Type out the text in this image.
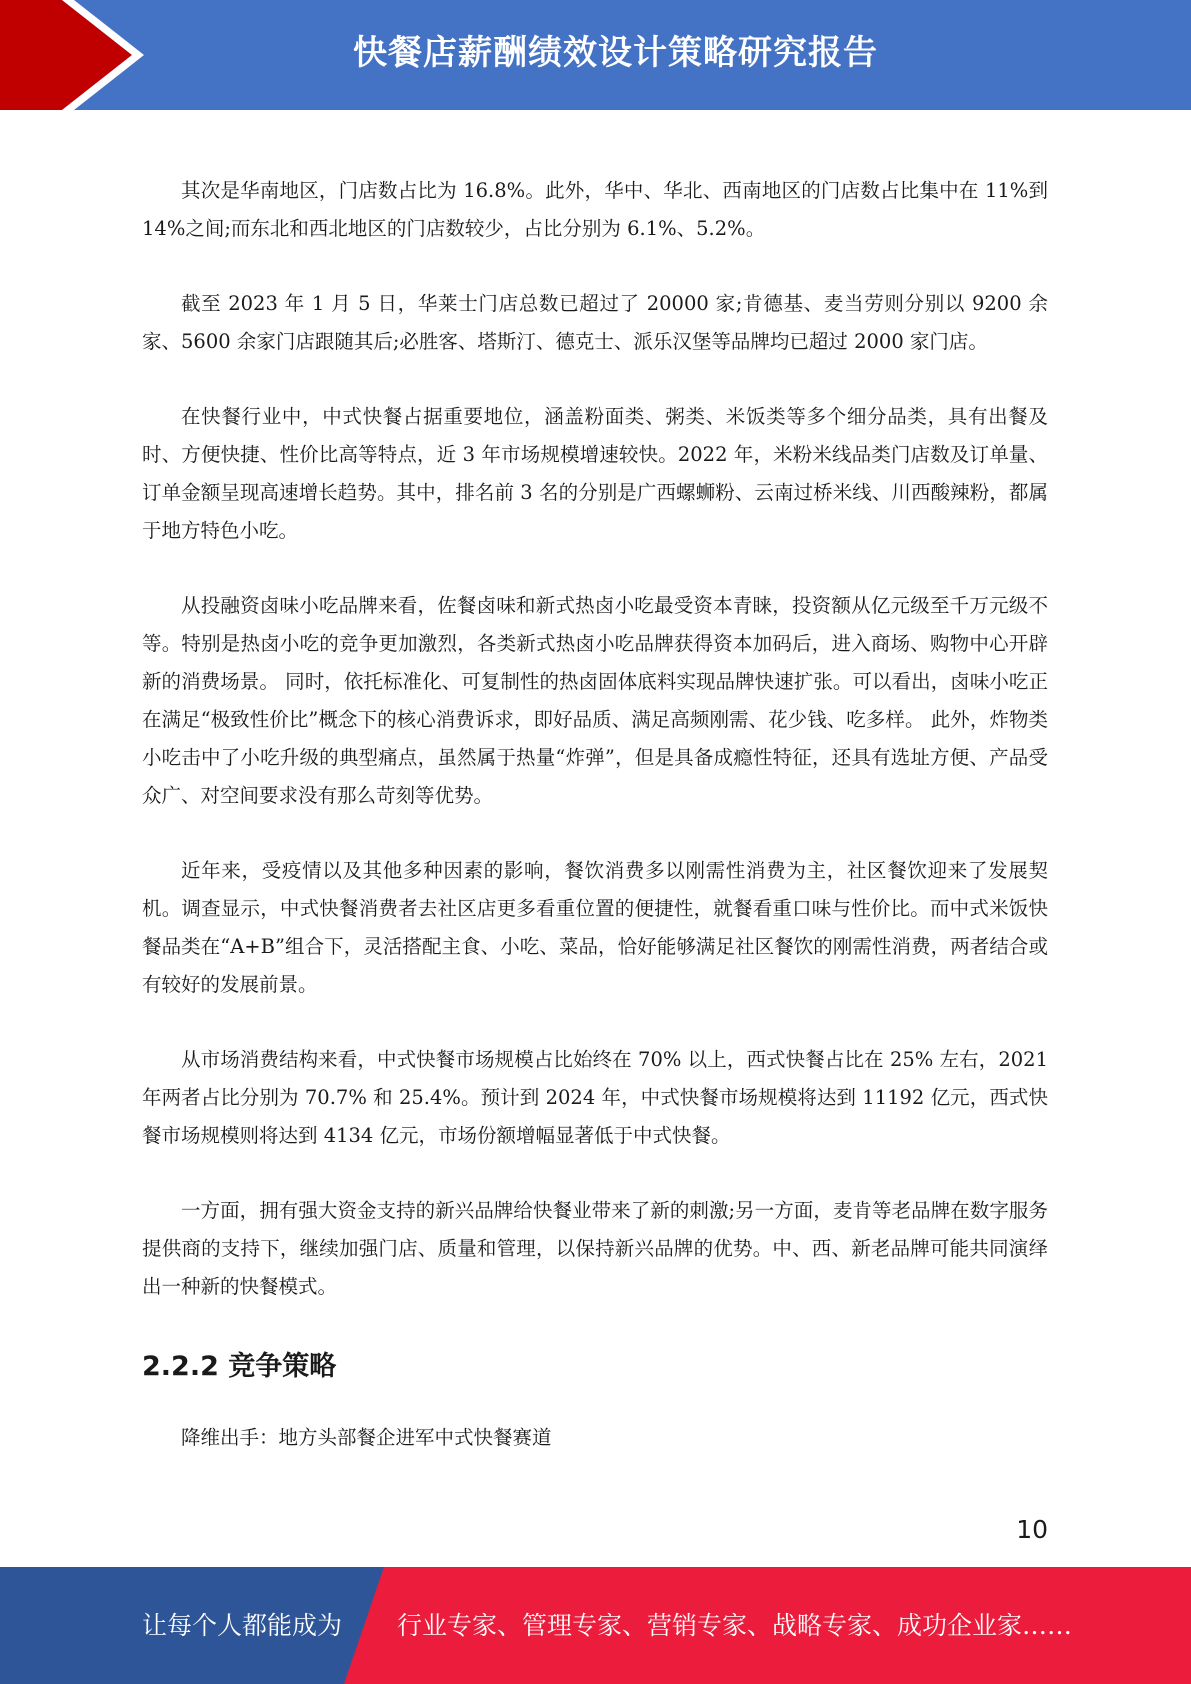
快餐店薪酬绩效设计策略研究报告

其次是华南地区，门店数占比为 16.8%。此外，华中、华北、西南地区的门店数占比集中在 11%到 14%之间;而东北和西北地区的门店数较少，占比分别为 6.1%、5.2%。

截至 2023 年 1 月 5 日，华莱士门店总数已超过了 20000 家;肯德基、麦当劳则分别以 9200 余家、5600 余家门店跟随其后;必胜客、塔斯汀、德克士、派乐汉堡等品牌均已超过 2000 家门店。

在快餐行业中，中式快餐占据重要地位，涵盖粉面类、粥类、米饭类等多个细分品类，具有出餐及时、方便快捷、性价比高等特点，近 3 年市场规模增速较快。2022 年，米粉米线品类门店数及订单量、订单金额呈现高速增长趋势。其中，排名前 3 名的分别是广西螺蛳粉、云南过桥米线、川西酸辣粉，都属于地方特色小吃。

从投融资卤味小吃品牌来看，佐餐卤味和新式热卤小吃最受资本青睐，投资额从亿元级至千万元级不等。特别是热卤小吃的竞争更加激烈，各类新式热卤小吃品牌获得资本加码后，进入商场、购物中心开辟新的消费场景。 同时，依托标准化、可复制性的热卤固体底料实现品牌快速扩张。可以看出，卤味小吃正在满足“极致性价比”概念下的核心消费诉求，即好品质、满足高频刚需、花少钱、吃多样。 此外，炸物类小吃击中了小吃升级的典型痛点，虽然属于热量“炸弹”，但是具备成瘾性特征，还具有选址方便、产品受众广、对空间要求没有那么苛刻等优势。

近年来，受疫情以及其他多种因素的影响，餐饮消费多以刚需性消费为主，社区餐饮迎来了发展契机。调查显示，中式快餐消费者去社区店更多看重位置的便捷性，就餐看重口味与性价比。而中式米饭快餐品类在“A+B”组合下，灵活搭配主食、小吃、菜品，恰好能够满足社区餐饮的刚需性消费，两者结合或有较好的发展前景。

从市场消费结构来看，中式快餐市场规模占比始终在 70% 以上，西式快餐占比在 25% 左右，2021 年两者占比分别为 70.7% 和 25.4%。预计到 2024 年，中式快餐市场规模将达到 11192 亿元，西式快餐市场规模则将达到 4134 亿元，市场份额增幅显著低于中式快餐。

一方面，拥有强大资金支持的新兴品牌给快餐业带来了新的刺激;另一方面，麦肯等老品牌在数字服务提供商的支持下，继续加强门店、质量和管理，以保持新兴品牌的优势。中、西、新老品牌可能共同演绎出一种新的快餐模式。

2.2.2 竞争策略

降维出手：地方头部餐企进军中式快餐赛道

10
让每个人都能成为 行业专家、管理专家、营销专家、战略专家、成功企业家……
